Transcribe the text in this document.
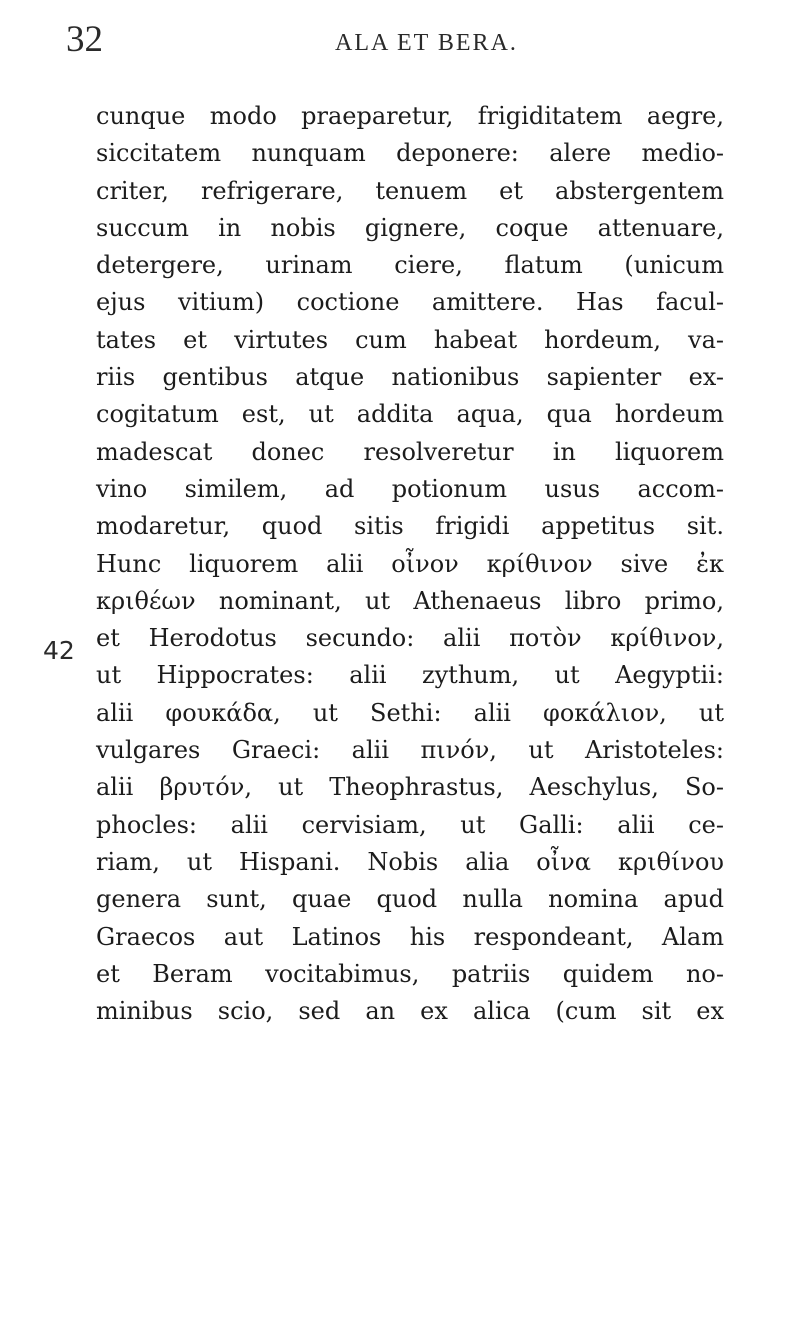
32	ALA ET BERA.
42
cunque modo praeparetur, frigiditatem aegre,
siccitatem nunquam deponere: alere medio-
criter, refrigerare, tenuem et abstergentem
succum in nobis gignere, coque attenuare,
detergere, urinam ciere, flatum (unicum
ejus vitium) coctione amittere. Has facul-
tates et virtutes cum habeat hordeum, va-
riis gentibus atque nationibus sapienter ex-
cogitatum est, ut addita aqua, qua hordeum
madescat donec resolveretur in liquorem
vino similem, ad potionum usus accom-
modaretur, quod sitis frigidi appetitus sit.
Hunc liquorem alii οἶνον κρίθινον sive ἐκ
κριθέων nominant, ut Athenaeus libro primo,
et Herodotus secundo: alii ποτὸν κρίθινον,
ut Hippocrates: alii zythum, ut Aegyptii:
alii φουκάδα, ut Sethi: alii φοκάλιον, ut
vulgares Graeci: alii πινόν, ut Aristoteles:
alii βρυτόν, ut Theophrastus, Aeschylus, So-
phocles: alii cervisiam, ut Galli: alii ce-
riam, ut Hispani. Nobis alia οἶνα κριθίνου
genera sunt, quae quod nulla nomina apud
Graecos aut Latinos his respondeant, Alam
et Beram vocitabimus, patriis quidem no-
minibus scio, sed an ex alica (cum sit ex
